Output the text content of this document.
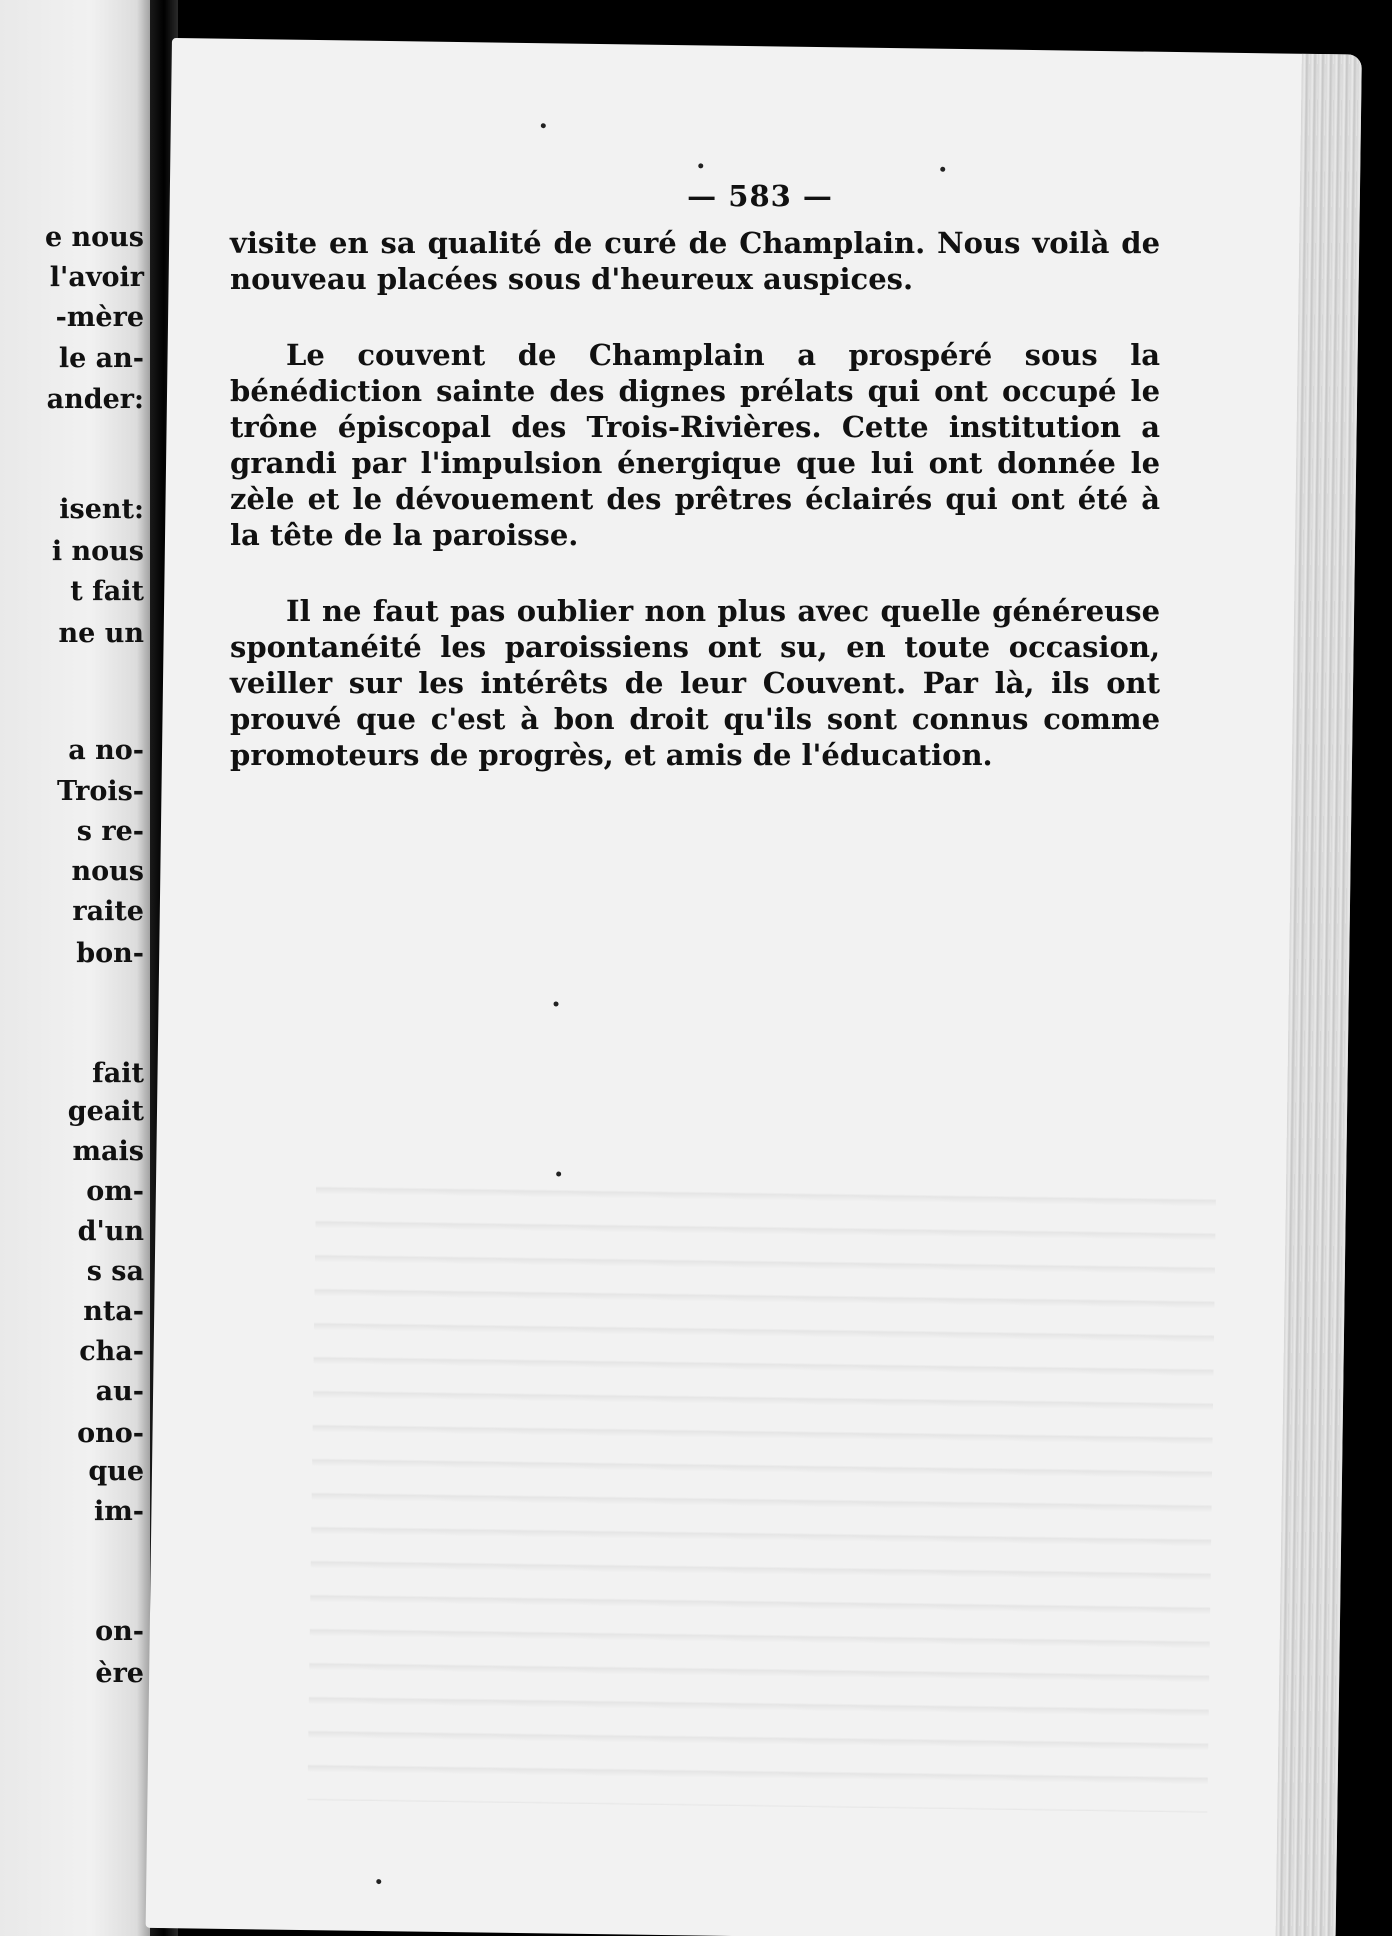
e nous
l'avoir
-mère
le an-
ander:
isent:
i nous
t fait
ne un
a no-
Trois-
s re-
nous
raite
bon-
fait
geait
mais
om-
d'un
s sa
nta-
cha-
au-
ono-
que
im-
on-
ère
— 583 —

visite en sa qualité de curé de Champlain. Nous voilà de nouveau placées sous d'heureux auspices.

Le couvent de Champlain a prospéré sous la bénédiction sainte des dignes prélats qui ont occupé le trône épiscopal des Trois-Rivières. Cette institution a grandi par l'impulsion énergique que lui ont donnée le zèle et le dévouement des prêtres éclairés qui ont été à la tête de la paroisse.

Il ne faut pas oublier non plus avec quelle généreuse spontanéité les paroissiens ont su, en toute occasion, veiller sur les intérêts de leur Couvent. Par là, ils ont prouvé que c'est à bon droit qu'ils sont connus comme promoteurs de progrès, et amis de l'éducation.
